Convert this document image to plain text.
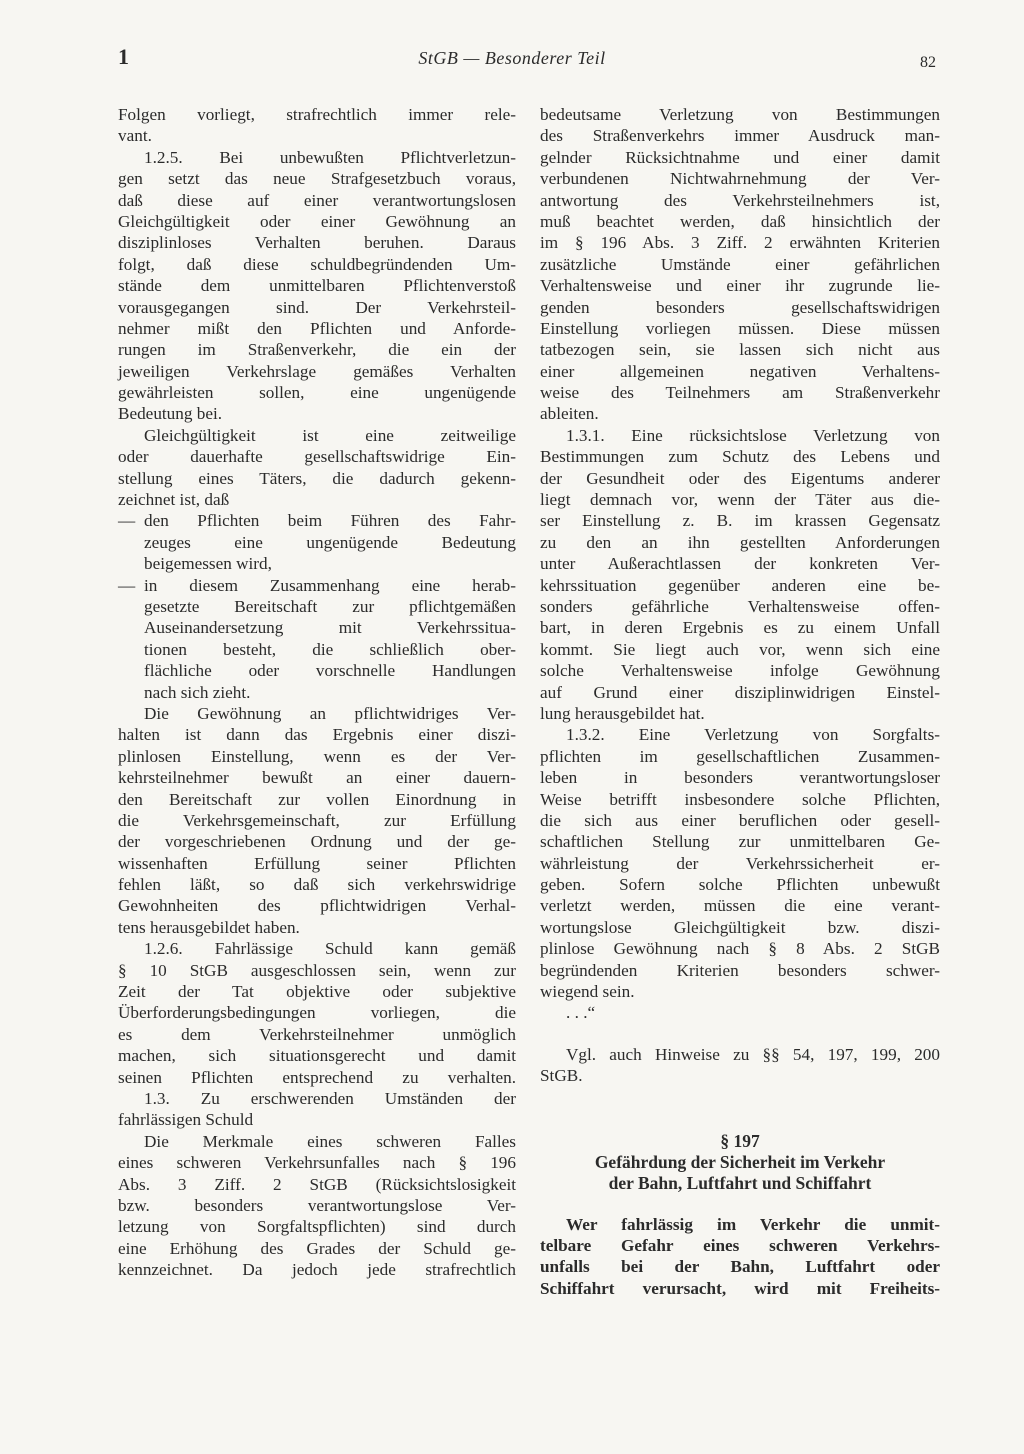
1	StGB — Besonderer Teil	82
Folgen vorliegt, strafrechtlich immer rele-
vant.
1.2.5. Bei unbewußten Pflichtverletzun-
gen setzt das neue Strafgesetzbuch voraus,
daß diese auf einer verantwortungslosen
Gleichgültigkeit oder einer Gewöhnung an
disziplinloses Verhalten beruhen. Daraus
folgt, daß diese schuldbegründenden Um-
stände dem unmittelbaren Pflichtenverstoß
vorausgegangen sind. Der Verkehrsteil-
nehmer mißt den Pflichten und Anforde-
rungen im Straßenverkehr, die ein der
jeweiligen Verkehrslage gemäßes Verhalten
gewährleisten sollen, eine ungenügende
Bedeutung bei.
Gleichgültigkeit ist eine zeitweilige
oder dauerhafte gesellschaftswidrige Ein-
stellung eines Täters, die dadurch gekenn-
zeichnet ist, daß
— den Pflichten beim Führen des Fahr-
zeuges eine ungenügende Bedeutung
beigemessen wird,
— in diesem Zusammenhang eine herab-
gesetzte Bereitschaft zur pflichtgemäßen
Auseinandersetzung mit Verkehrssitua-
tionen besteht, die schließlich ober-
flächliche oder vorschnelle Handlungen
nach sich zieht.
Die Gewöhnung an pflichtwidriges Ver-
halten ist dann das Ergebnis einer diszi-
plinlosen Einstellung, wenn es der Ver-
kehrsteilnehmer bewußt an einer dauern-
den Bereitschaft zur vollen Einordnung in
die Verkehrsgemeinschaft, zur Erfüllung
der vorgeschriebenen Ordnung und der ge-
wissenhaften Erfüllung seiner Pflichten
fehlen läßt, so daß sich verkehrswidrige
Gewohnheiten des pflichtwidrigen Verhal-
tens herausgebildet haben.
1.2.6. Fahrlässige Schuld kann gemäß
§ 10 StGB ausgeschlossen sein, wenn zur
Zeit der Tat objektive oder subjektive
Überforderungsbedingungen vorliegen, die
es dem Verkehrsteilnehmer unmöglich
machen, sich situationsgerecht und damit
seinen Pflichten entsprechend zu verhalten.
1.3. Zu erschwerenden Umständen der
fahrlässigen Schuld
Die Merkmale eines schweren Falles
eines schweren Verkehrsunfalles nach § 196
Abs. 3 Ziff. 2 StGB (Rücksichtslosigkeit
bzw. besonders verantwortungslose Ver-
letzung von Sorgfaltspflichten) sind durch
eine Erhöhung des Grades der Schuld ge-
kennzeichnet. Da jedoch jede strafrechtlich
bedeutsame Verletzung von Bestimmungen
des Straßenverkehrs immer Ausdruck man-
gelnder Rücksichtnahme und einer damit
verbundenen Nichtwahrnehmung der Ver-
antwortung des Verkehrsteilnehmers ist,
muß beachtet werden, daß hinsichtlich der
im § 196 Abs. 3 Ziff. 2 erwähnten Kriterien
zusätzliche Umstände einer gefährlichen
Verhaltensweise und einer ihr zugrunde lie-
genden besonders gesellschaftswidrigen
Einstellung vorliegen müssen. Diese müssen
tatbezogen sein, sie lassen sich nicht aus
einer allgemeinen negativen Verhaltens-
weise des Teilnehmers am Straßenverkehr
ableiten.
1.3.1. Eine rücksichtslose Verletzung von
Bestimmungen zum Schutz des Lebens und
der Gesundheit oder des Eigentums anderer
liegt demnach vor, wenn der Täter aus die-
ser Einstellung z. B. im krassen Gegensatz
zu den an ihn gestellten Anforderungen
unter Außerachtlassen der konkreten Ver-
kehrssituation gegenüber anderen eine be-
sonders gefährliche Verhaltensweise offen-
bart, in deren Ergebnis es zu einem Unfall
kommt. Sie liegt auch vor, wenn sich eine
solche Verhaltensweise infolge Gewöhnung
auf Grund einer disziplinwidrigen Einstel-
lung herausgebildet hat.
1.3.2. Eine Verletzung von Sorgfalts-
pflichten im gesellschaftlichen Zusammen-
leben in besonders verantwortungsloser
Weise betrifft insbesondere solche Pflichten,
die sich aus einer beruflichen oder gesell-
schaftlichen Stellung zur unmittelbaren Ge-
währleistung der Verkehrssicherheit er-
geben. Sofern solche Pflichten unbewußt
verletzt werden, müssen die eine verant-
wortungslose Gleichgültigkeit bzw. diszi-
plinlose Gewöhnung nach § 8 Abs. 2 StGB
begründenden Kriterien besonders schwer-
wiegend sein.
. . .“
Vgl. auch Hinweise zu §§ 54, 197, 199, 200
StGB.
§ 197
Gefährdung der Sicherheit im Verkehr
der Bahn, Luftfahrt und Schiffahrt
Wer fahrlässig im Verkehr die unmit-
telbare Gefahr eines schweren Verkehrs-
unfalls bei der Bahn, Luftfahrt oder
Schiffahrt verursacht, wird mit Freiheits-
